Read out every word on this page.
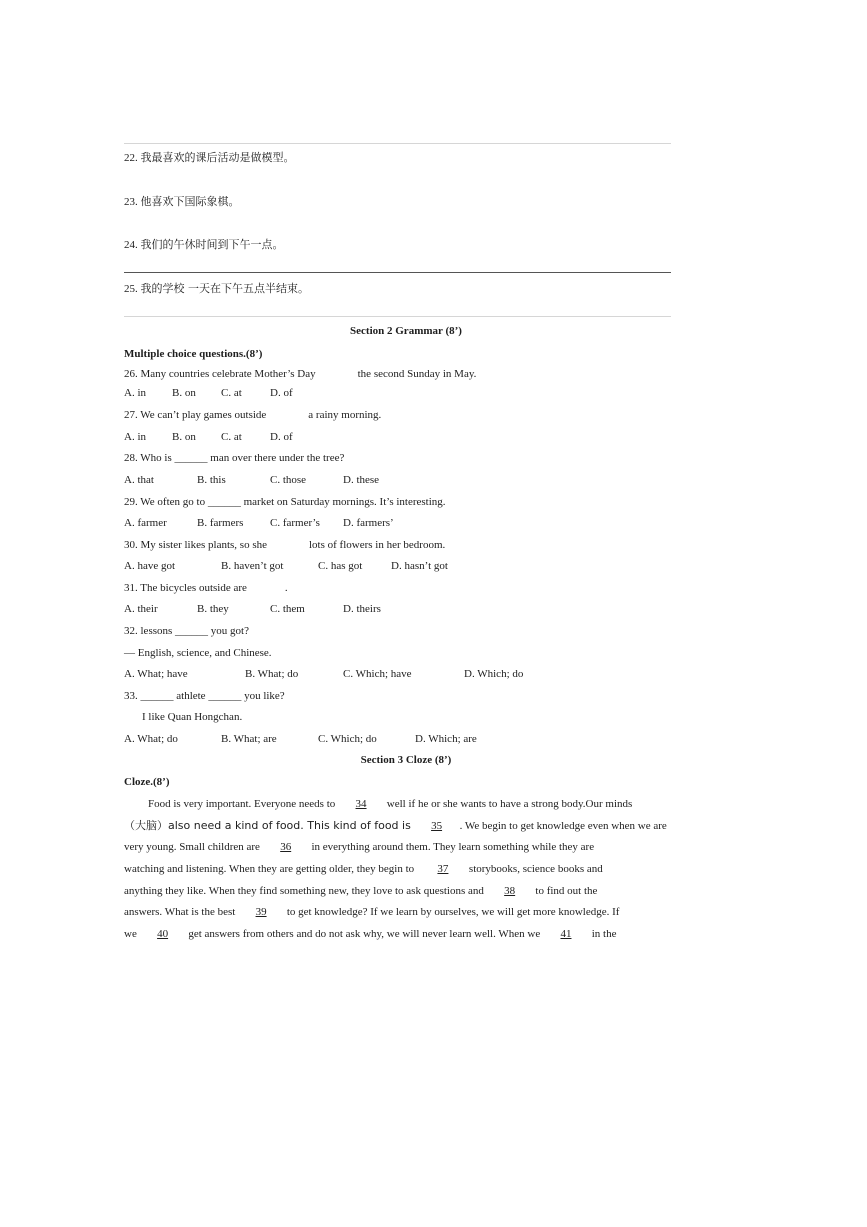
22. 我最喜欢的课后活动是做模型。
23. 他喜欢下国际象棋。
24. 我们的午休时间到下午一点。
25. 我的学校 一天在下午五点半结束。
Section 2 Grammar (8’)
Multiple choice questions.(8’)
26. Many countries celebrate Mother’s Day	the second Sunday in May.
A. in B. on C. at	D. of
27. We can’t play games outside	a rainy morning.
A. in B. on C. at	D. of
28. Who is ______ man over there under the tree?
A. that	B. this	C. those	D. these
29. We often go to ______ market on Saturday mornings. It’s interesting.
A. farmer	B. farmers C. farmer’s D. farmers’
30. My sister likes plants, so she	lots of flowers in her bedroom.
A. have got	B. haven’t got	C. has got	D. hasn’t got
31. The bicycles outside are	.
A. their	B. they	C. them	D. theirs
32. lessons ______ you got?
— English, science, and Chinese.
A. What; have	B. What; do	C. Which; have	D. Which; do
33. ______ athlete ______ you like?
I like Quan Hongchan.
A. What; do	B. What; are	C. Which; do	D. Which; are
Section 3 Cloze (8’)
Cloze.(8’)
Food is very important. Everyone needs to 34 well if he or she wants to have a strong body.Our minds
（大脑）also need a kind of food. This kind of food is 35 . We begin to get knowledge even when we are
very young. Small children are 36 in everything around them. They learn something while they are
watching and listening. When they are getting older, they begin to 37 storybooks, science books and
anything they like. When they find something new, they love to ask questions and 38 to find out the
answers. What is the best 39 to get knowledge? If we learn by ourselves, we will get more knowledge. If
we 40 get answers from others and do not ask why, we will never learn well. When we 41 in the
